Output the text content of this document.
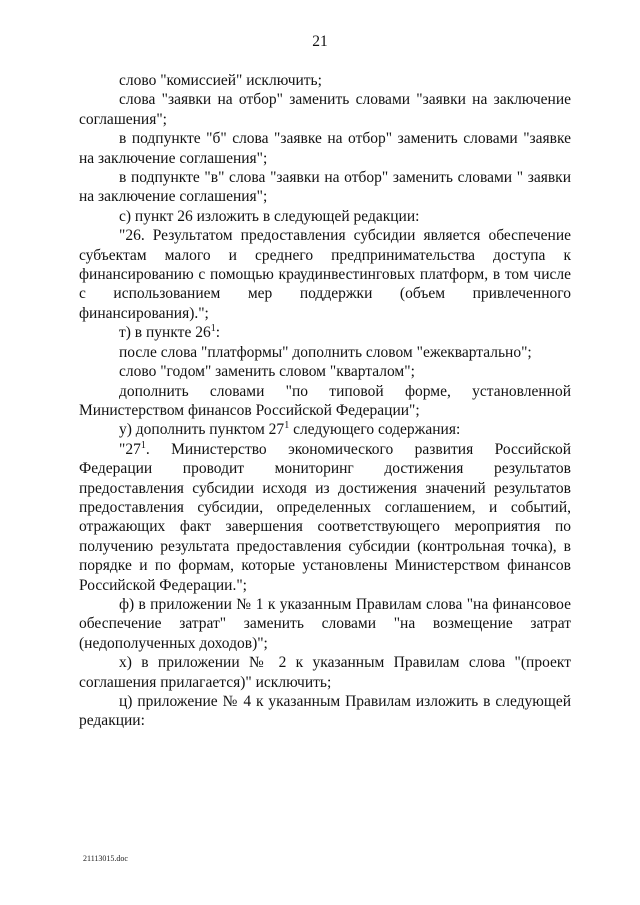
21

слово "комиссией" исключить;

слова "заявки на отбор" заменить словами "заявки на заключение соглашения";

в подпункте "б" слова "заявке на отбор" заменить словами "заявке на заключение соглашения";

в подпункте "в" слова "заявки на отбор" заменить словами " заявки на заключение соглашения";

с) пункт 26 изложить в следующей редакции:

"26. Результатом предоставления субсидии является обеспечение субъектам малого и среднего предпринимательства доступа к финансированию с помощью краудинвестинговых платформ, в том числе с использованием мер поддержки (объем привлеченного финансирования).";

т) в пункте $26^1$:

после слова "платформы" дополнить словом "ежеквартально";

слово "годом" заменить словом "кварталом";

дополнить словами "по типовой форме, установленной Министерством финансов Российской Федерации";

у) дополнить пунктом $27^1$ следующего содержания:

"$27^1$. Министерство экономического развития Российской Федерации проводит мониторинг достижения результатов предоставления субсидии исходя из достижения значений результатов предоставления субсидии, определенных соглашением, и событий, отражающих факт завершения соответствующего мероприятия по получению результата предоставления субсидии (контрольная точка), в порядке и по формам, которые установлены Министерством финансов Российской Федерации.";

ф) в приложении № 1 к указанным Правилам слова "на финансовое обеспечение затрат" заменить словами "на возмещение затрат (недополученных доходов)";

х) в приложении № 2 к указанным Правилам слова "(проект соглашения прилагается)" исключить;

ц) приложение № 4 к указанным Правилам изложить в следующей редакции:

21113015.doc
